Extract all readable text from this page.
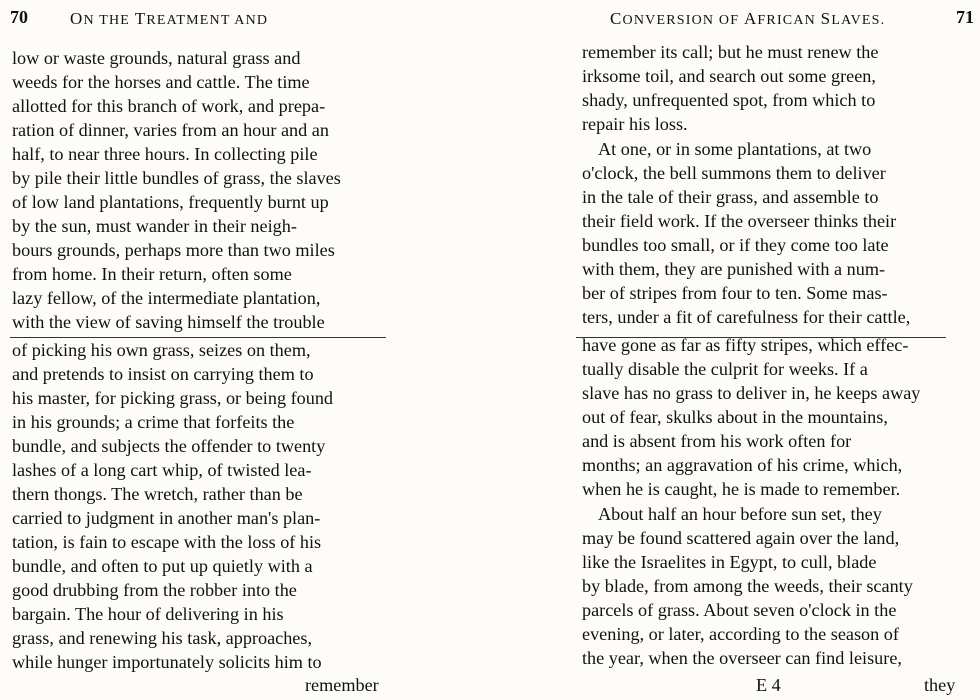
70 ON THE TREATMENT AND
low or waste grounds, natural grass and
weeds for the horses and cattle. The time
allotted for this branch of work, and prepa-
ration of dinner, varies from an hour and an
half, to near three hours. In collecting pile
by pile their little bundles of grass, the slaves
of low land plantations, frequently burnt up
by the sun, must wander in their neigh-
bours grounds, perhaps more than two miles
from home. In their return, often some
lazy fellow, of the intermediate plantation,
with the view of saving himself the trouble
of picking his own grass, seizes on them,
and pretends to insist on carrying them to
his master, for picking grass, or being found
in his grounds; a crime that forfeits the
bundle, and subjects the offender to twenty
lashes of a long cart whip, of twisted lea-
thern thongs. The wretch, rather than be
carried to judgment in another man's plan-
tation, is fain to escape with the loss of his
bundle, and often to put up quietly with a
good drubbing from the robber into the
bargain. The hour of delivering in his
grass, and renewing his task, approaches,
while hunger importunately solicits him to
remember
CONVERSION OF AFRICAN SLAVES.	71
remember its call; but he must renew the
irksome toil, and search out some green,
shady, unfrequented spot, from which to
repair his loss.
At one, or in some plantations, at two
o'clock, the bell summons them to deliver
in the tale of their grass, and assemble to
their field work. If the overseer thinks their
bundles too small, or if they come too late
with them, they are punished with a num-
ber of stripes from four to ten. Some mas-
ters, under a fit of carefulness for their cattle,
have gone as far as fifty stripes, which effec-
tually disable the culprit for weeks. If a
slave has no grass to deliver in, he keeps away
out of fear, skulks about in the mountains,
and is absent from his work often for
months; an aggravation of his crime, which,
when he is caught, he is made to remember.
About half an hour before sun set, they
may be found scattered again over the land,
like the Israelites in Egypt, to cull, blade
by blade, from among the weeds, their scanty
parcels of grass. About seven o'clock in the
evening, or later, according to the season of
the year, when the overseer can find leisure,
E 4	they
